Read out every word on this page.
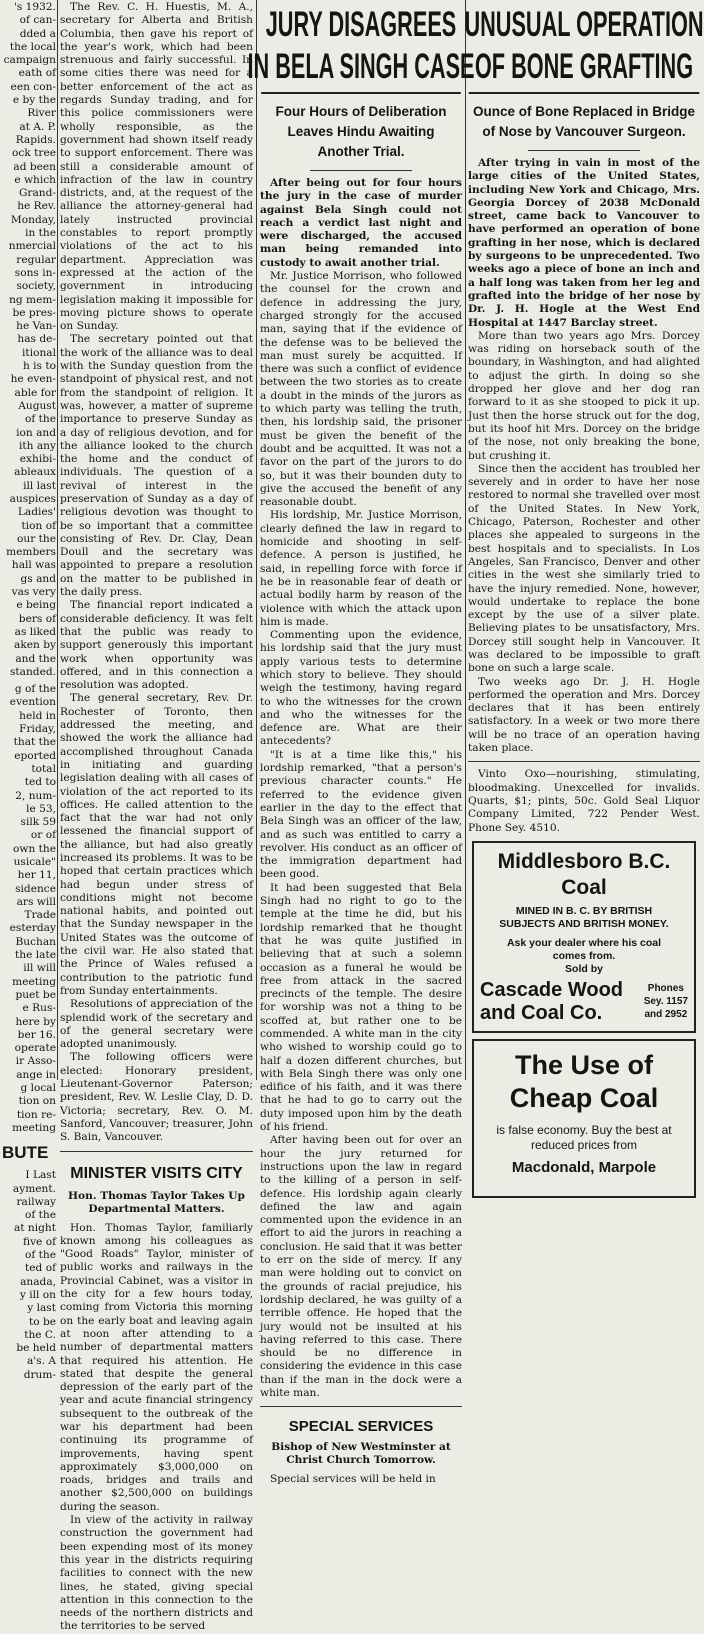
's 1932.
of can-
dded a
the local
campaign
eath of
een con-
e by the
River
at A. P.
Rapids.
ock tree
ad been
e which
Grand-
he Rev.
Monday,
in the
nmercial
regular
sons in-
society,
ng mem-
be pres-
he Van-
has de-
itional
h is to
he even-
able for
August
of the
ion and
ith any
exhibi-
ableaux
ill last
auspices
Ladies'
tion of
our the
members
hall was
gs and
vas very
e being
bers of
as liked
aken by
and the
standed.
g of the
evention
held in
Friday,
that the
eported
total
ted to
2, num-
le 53,
silk 59
or of
own the
usicale"
her 11,
sidence
ars will
Trade
esterday
Buchan
the late
ill will
meeting
puet be
e Rus-
here by
ber 16.
operate
ir Asso-
ange in
g local
tion on
tion re-
meeting
BUTE
I Last
ayment.
railway
of the
at night
five of
of the
ted of
anada,
y ill on
y last
to be
the C.
be held
a's. A
drum-

The Rev. C. H. Huestis, M. A., secretary for Alberta and British Columbia, then gave his report of the year's work, which had been strenuous and fairly successful. In some cities there was need for a better enforcement of the act as regards Sunday trading, and for this police commissioners were wholly responsible, as the government had shown itself ready to support enforcement. There was still a considerable amount of infraction of the law in country districts, and, at the request of the alliance the attorney-general had lately instructed provincial constables to report promptly violations of the act to his department. Appreciation was expressed at the action of the government in introducing legislation making it impossible for moving picture shows to operate on Sunday.

The secretary pointed out that the work of the alliance was to deal with the Sunday question from the standpoint of physical rest, and not from the standpoint of religion. It was, however, a matter of supreme importance to preserve Sunday as a day of religious devotion, and for the alliance looked to the church the home and the conduct of individuals. The question of a revival of interest in the preservation of Sunday as a day of religious devotion was thought to be so important that a committee consisting of Rev. Dr. Clay, Dean Doull and the secretary was appointed to prepare a resolution on the matter to be published in the daily press.

The financial report indicated a considerable deficiency. It was felt that the public was ready to support generously this important work when opportunity was offered, and in this connection a resolution was adopted.

The general secretary, Rev. Dr. Rochester of Toronto, then addressed the meeting, and showed the work the alliance had accomplished throughout Canada in initiating and guarding legislation dealing with all cases of violation of the act reported to its offices. He called attention to the fact that the war had not only lessened the financial support of the alliance, but had also greatly increased its problems. It was to be hoped that certain practices which had begun under stress of conditions might not become national habits, and pointed out that the Sunday newspaper in the United States was the outcome of the civil war. He also stated that the Prince of Wales refused a contribution to the patriotic fund from Sunday entertainments.

Resolutions of appreciation of the splendid work of the secretary and of the general secretary were adopted unanimously.

The following officers were elected: Honorary president, Lieutenant-Governor Paterson; president, Rev. W. Leslie Clay, D. D. Victoria; secretary, Rev. O. M. Sanford, Vancouver; treasurer, John S. Bain, Vancouver.

MINISTER VISITS CITY
Hon. Thomas Taylor Takes Up Departmental Matters.

Hon. Thomas Taylor, familiarly known among his colleagues as "Good Roads" Taylor, minister of public works and railways in the Provincial Cabinet, was a visitor in the city for a few hours today, coming from Victoria this morning on the early boat and leaving again at noon after attending to a number of departmental matters that required his attention. He stated that despite the general depression of the early part of the year and acute financial stringency subsequent to the outbreak of the war his department had been continuing its programme of improvements, having spent approximately $3,000,000 on roads, bridges and trails and another $2,500,000 on buildings during the season.

In view of the activity in railway construction the government had been expending most of its money this year in the districts requiring facilities to connect with the new lines, he stated, giving special attention in this connection to the needs of the northern districts and the territories to be served

JURY DISAGREES
IN BELA SINGH CASE
Four Hours of Deliberation Leaves Hindu Awaiting Another Trial.

After being out for four hours the jury in the case of murder against Bela Singh could not reach a verdict last night and were discharged, the accused man being remanded into custody to await another trial.

Mr. Justice Morrison, who followed the counsel for the crown and defence in addressing the jury, charged strongly for the accused man, saying that if the evidence of the defense was to be believed the man must surely be acquitted. If there was such a conflict of evidence between the two stories as to create a doubt in the minds of the jurors as to which party was telling the truth, then, his lordship said, the prisoner must be given the benefit of the doubt and be acquitted. It was not a favor on the part of the jurors to do so, but it was their bounden duty to give the accused the benefit of any reasonable doubt.

His lordship, Mr. Justice Morrison, clearly defined the law in regard to homicide and shooting in self-defence. A person is justified, he said, in repelling force with force if he be in reasonable fear of death or actual bodily harm by reason of the violence with which the attack upon him is made.

Commenting upon the evidence, his lordship said that the jury must apply various tests to determine which story to believe. They should weigh the testimony, having regard to who the witnesses for the crown and who the witnesses for the defence are. What are their antecedents?

"It is at a time like this," his lordship remarked, "that a person's previous character counts." He referred to the evidence given earlier in the day to the effect that Bela Singh was an officer of the law, and as such was entitled to carry a revolver. His conduct as an officer of the immigration department had been good.

It had been suggested that Bela Singh had no right to go to the temple at the time he did, but his lordship remarked that he thought that he was quite justified in believing that at such a solemn occasion as a funeral he would be free from attack in the sacred precincts of the temple. The desire for worship was not a thing to be scoffed at, but rather one to be commended. A white man in the city who wished to worship could go to half a dozen different churches, but with Bela Singh there was only one edifice of his faith, and it was there that he had to go to carry out the duty imposed upon him by the death of his friend.

After having been out for over an hour the jury returned for instructions upon the law in regard to the killing of a person in self-defence. His lordship again clearly defined the law and again commented upon the evidence in an effort to aid the jurors in reaching a conclusion. He said that it was better to err on the side of mercy. If any man were holding out to convict on the grounds of racial prejudice, his lordship declared, he was guilty of a terrible offence. He hoped that the jury would not be insulted at his having referred to this case. There should be no difference in considering the evidence in this case than if the man in the dock were a white man.

SPECIAL SERVICES
Bishop of New Westminster at Christ Church Tomorrow.

Special services will be held in

UNUSUAL OPERATION
OF BONE GRAFTING
Ounce of Bone Replaced in Bridge of Nose by Vancouver Surgeon.

After trying in vain in most of the large cities of the United States, including New York and Chicago, Mrs. Georgia Dorcey of 2038 McDonald street, came back to Vancouver to have performed an operation of bone grafting in her nose, which is declared by surgeons to be unprecedented. Two weeks ago a piece of bone an inch and a half long was taken from her leg and grafted into the bridge of her nose by Dr. J. H. Hogle at the West End Hospital at 1447 Barclay street.

More than two years ago Mrs. Dorcey was riding on horseback south of the boundary, in Washington, and had alighted to adjust the girth. In doing so she dropped her glove and her dog ran forward to it as she stooped to pick it up. Just then the horse struck out for the dog, but its hoof hit Mrs. Dorcey on the bridge of the nose, not only breaking the bone, but crushing it.

Since then the accident has troubled her severely and in order to have her nose restored to normal she travelled over most of the United States. In New York, Chicago, Paterson, Rochester and other places she appealed to surgeons in the best hospitals and to specialists. In Los Angeles, San Francisco, Denver and other cities in the west she similarly tried to have the injury remedied. None, however, would undertake to replace the bone except by the use of a silver plate. Believing plates to be unsatisfactory, Mrs. Dorcey still sought help in Vancouver. It was declared to be impossible to graft bone on such a large scale.

Two weeks ago Dr. J. H. Hogle performed the operation and Mrs. Dorcey declares that it has been entirely satisfactory. In a week or two more there will be no trace of an operation having taken place.

Vinto Oxo—nourishing, stimulating, bloodmaking. Unexcelled for invalids. Quarts, $1; pints, 50c. Gold Seal Liquor Company Limited, 722 Pender West. Phone Sey. 4510.

Middlesboro B.C. Coal
MINED IN B. C. BY BRITISH SUBJECTS AND BRITISH MONEY.
Ask your dealer where his coal comes from.
Sold by
Cascade Wood and Coal Co.
Phones
Sey. 1157
and 2952
The Use of Cheap Coal
is false economy. Buy the best at reduced prices from
Macdonald, Marpole
